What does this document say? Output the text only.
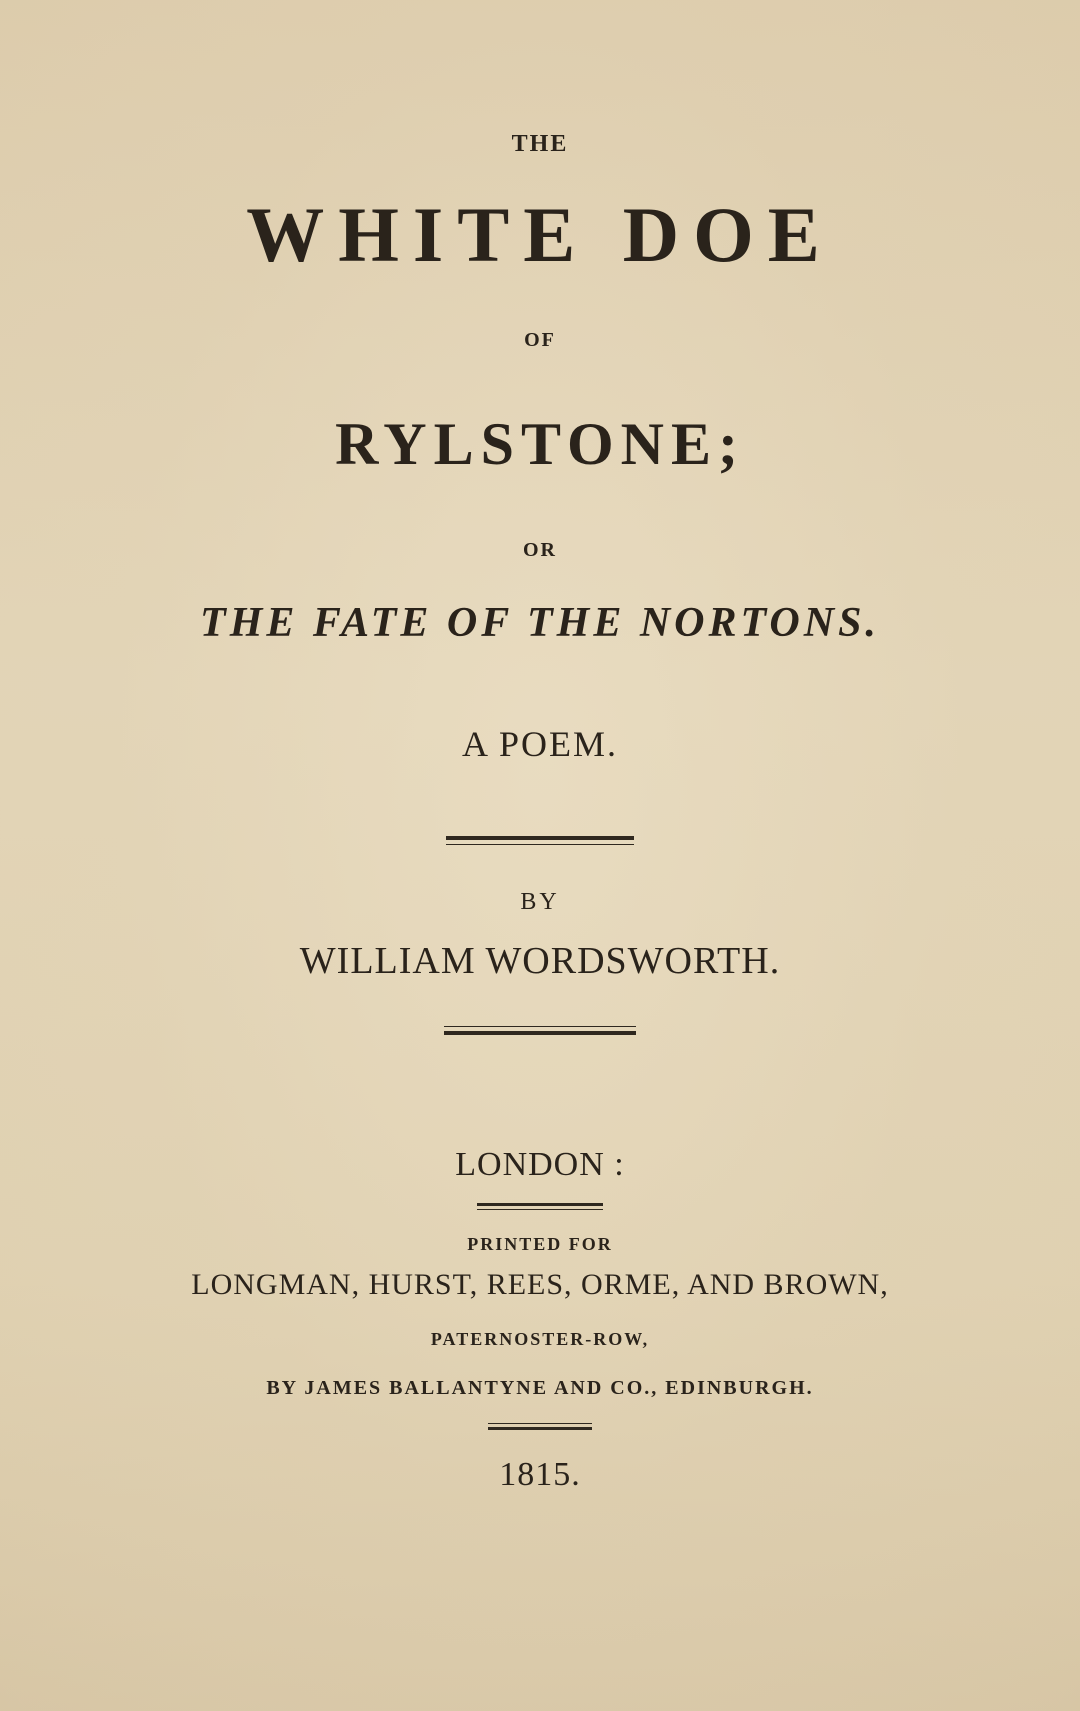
THE
WHITE DOE
OF
RYLSTONE;
OR
THE FATE OF THE NORTONS.
A POEM.
BY
WILLIAM WORDSWORTH.
LONDON :
PRINTED FOR
LONGMAN, HURST, REES, ORME, AND BROWN,
PATERNOSTER-ROW,
BY JAMES BALLANTYNE AND CO., EDINBURGH.
1815.
